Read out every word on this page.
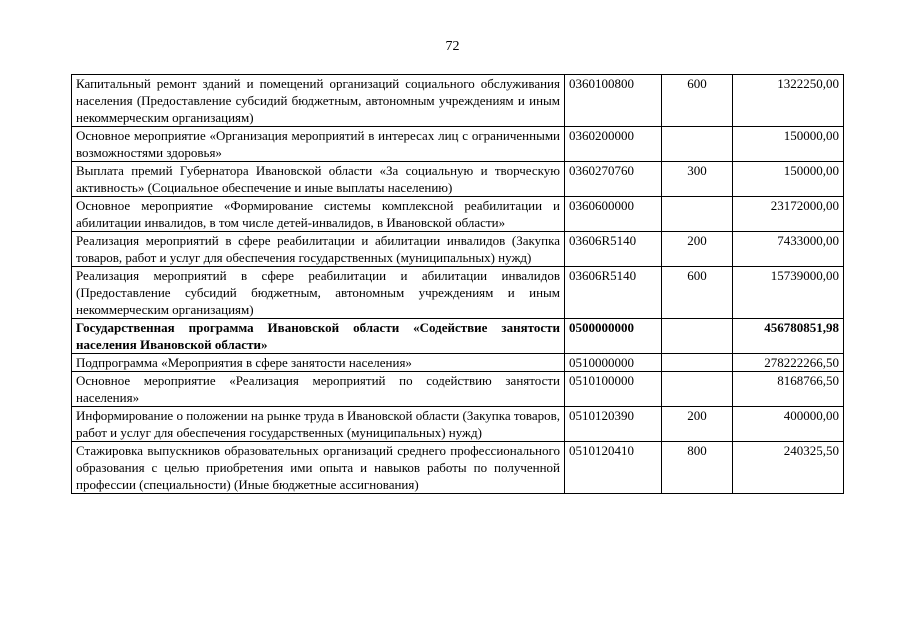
72
Капитальный ремонт зданий и помещений организаций социального обслуживания населения (Предоставление субсидий бюджетным, автономным учреждениям и иным некоммерческим организациям)	0360100800	600	1322250,00
Основное мероприятие «Организация мероприятий в интересах лиц с ограниченными возможностями здоровья»	0360200000		150000,00
Выплата премий Губернатора Ивановской области «За социальную и творческую активность» (Социальное обеспечение и иные выплаты населению)	0360270760	300	150000,00
Основное мероприятие «Формирование системы комплексной реабилитации и абилитации инвалидов, в том числе детей-инвалидов, в Ивановской области»	0360600000		23172000,00
Реализация мероприятий в сфере реабилитации и абилитации инвалидов (Закупка товаров, работ и услуг для обеспечения государственных (муниципальных) нужд)	03606R5140	200	7433000,00
Реализация мероприятий в сфере реабилитации и абилитации инвалидов (Предоставление субсидий бюджетным, автономным учреждениям и иным некоммерческим организациям)	03606R5140	600	15739000,00
Государственная программа Ивановской области «Содействие занятости населения Ивановской области»	0500000000		456780851,98
Подпрограмма «Мероприятия в сфере занятости населения»	0510000000		278222266,50
Основное мероприятие «Реализация мероприятий по содействию занятости населения»	0510100000		8168766,50
Информирование о положении на рынке труда в Ивановской области (Закупка товаров, работ и услуг для обеспечения государственных (муниципальных) нужд)	0510120390	200	400000,00
Стажировка выпускников образовательных организаций среднего профессионального образования с целью приобретения ими опыта и навыков работы по полученной профессии (специальности) (Иные бюджетные ассигнования)	0510120410	800	240325,50
